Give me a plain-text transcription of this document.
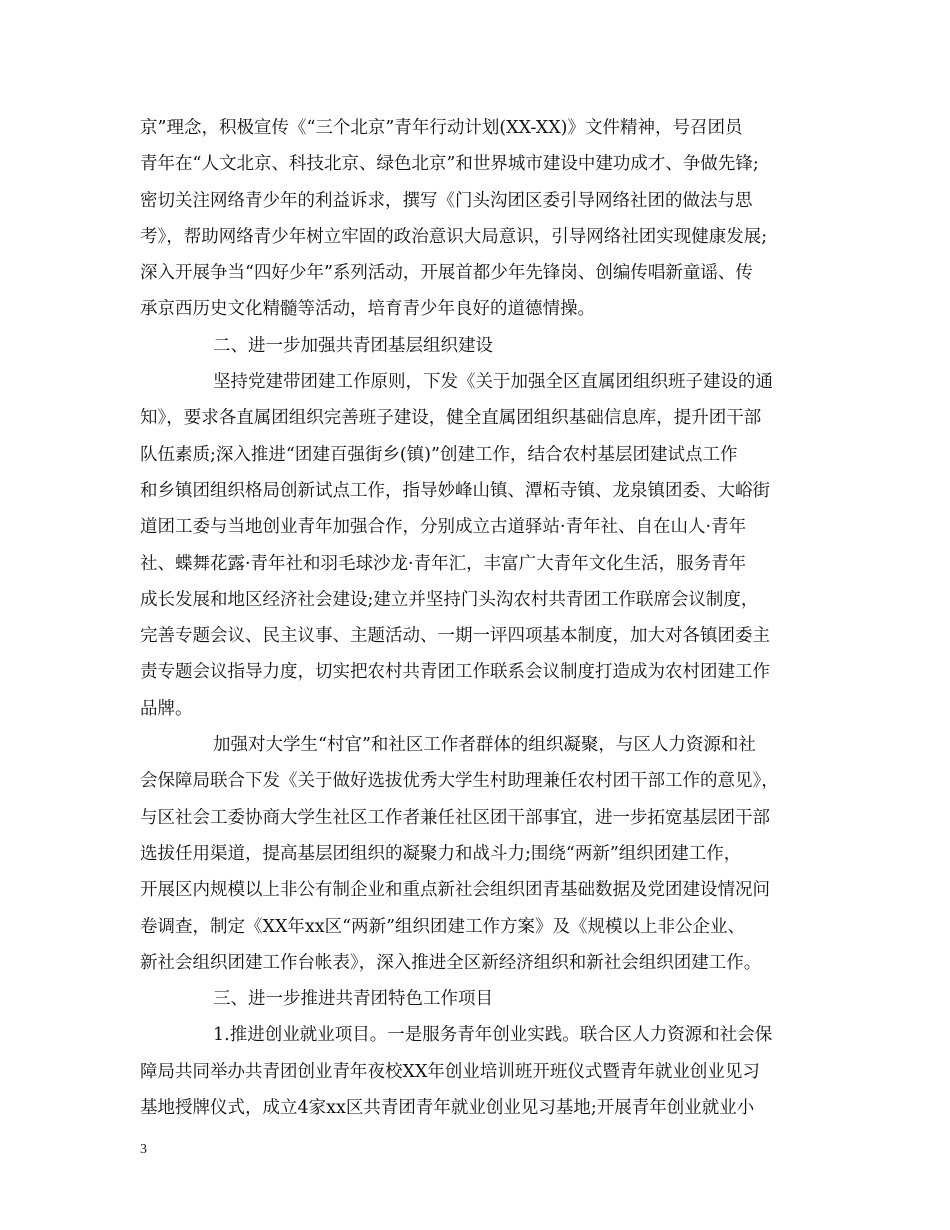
京”理念，积极宣传《“三个北京”青年行动计划(XX-XX)》文件精神，号召团员
青年在“人文北京、科技北京、绿色北京”和世界城市建设中建功成才、争做先锋;
密切关注网络青少年的利益诉求，撰写《门头沟团区委引导网络社团的做法与思
考》，帮助网络青少年树立牢固的政治意识大局意识，引导网络社团实现健康发展;
深入开展争当“四好少年”系列活动，开展首都少年先锋岗、创编传唱新童谣、传
承京西历史文化精髓等活动，培育青少年良好的道德情操。
二、进一步加强共青团基层组织建设
坚持党建带团建工作原则，下发《关于加强全区直属团组织班子建设的通
知》，要求各直属团组织完善班子建设，健全直属团组织基础信息库，提升团干部
队伍素质;深入推进“团建百强街乡(镇)”创建工作，结合农村基层团建试点工作
和乡镇团组织格局创新试点工作，指导妙峰山镇、潭柘寺镇、龙泉镇团委、大峪街
道团工委与当地创业青年加强合作，分别成立古道驿站·青年社、自在山人·青年
社、蝶舞花露·青年社和羽毛球沙龙·青年汇，丰富广大青年文化生活，服务青年
成长发展和地区经济社会建设;建立并坚持门头沟农村共青团工作联席会议制度，
完善专题会议、民主议事、主题活动、一期一评四项基本制度，加大对各镇团委主
责专题会议指导力度，切实把农村共青团工作联系会议制度打造成为农村团建工作
品牌。
加强对大学生“村官”和社区工作者群体的组织凝聚，与区人力资源和社
会保障局联合下发《关于做好选拔优秀大学生村助理兼任农村团干部工作的意见》，
与区社会工委协商大学生社区工作者兼任社区团干部事宜，进一步拓宽基层团干部
选拔任用渠道，提高基层团组织的凝聚力和战斗力;围绕“两新”组织团建工作，
开展区内规模以上非公有制企业和重点新社会组织团青基础数据及党团建设情况问
卷调查，制定《XX年xx区“两新”组织团建工作方案》及《规模以上非公企业、
新社会组织团建工作台帐表》，深入推进全区新经济组织和新社会组织团建工作。
三、进一步推进共青团特色工作项目
1.推进创业就业项目。一是服务青年创业实践。联合区人力资源和社会保
障局共同举办共青团创业青年夜校XX年创业培训班开班仪式暨青年就业创业见习
基地授牌仪式，成立4家xx区共青团青年就业创业见习基地;开展青年创业就业小
3
